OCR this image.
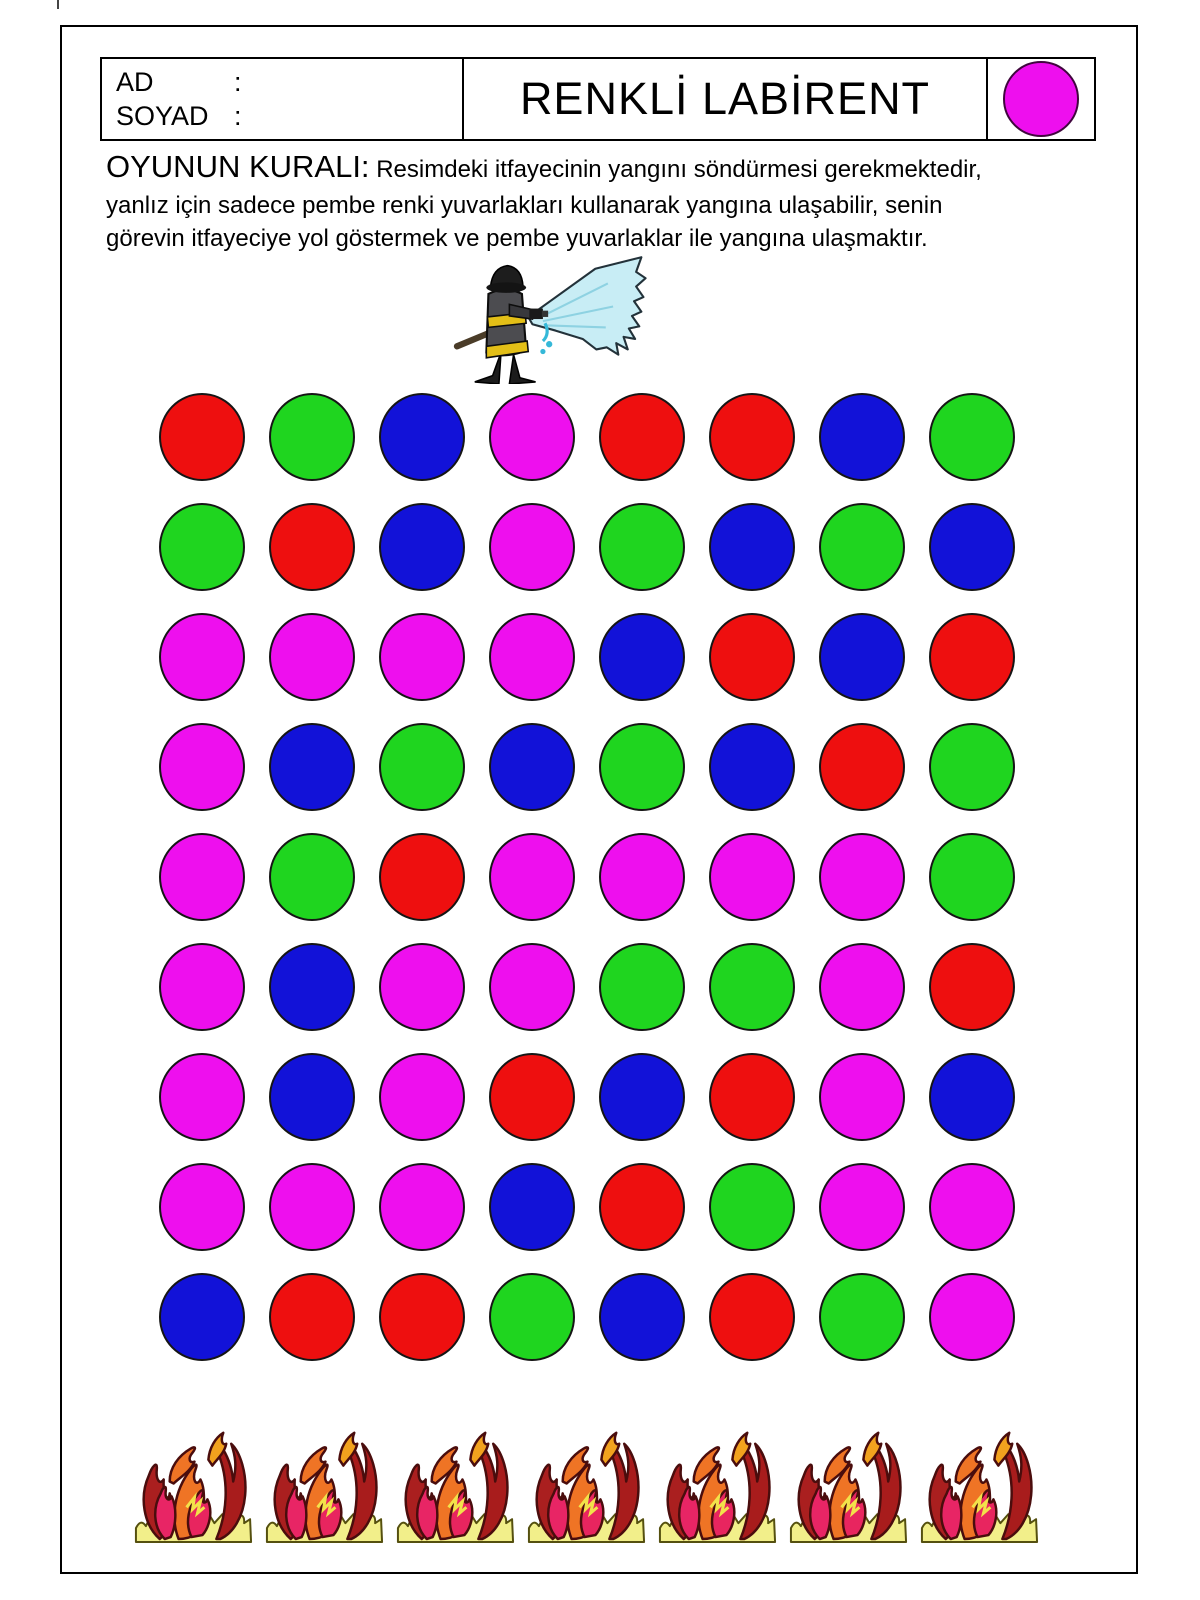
AD	:
SOYAD :	RENKLİ LABİRENT
OYUNUN KURALI: Resimdeki itfayecinin yangını söndürmesi gerekmektedir,
yanlız için sadece pembe renki yuvarlakları kullanarak yangına ulaşabilir, senin
görevin itfayeciye yol göstermek ve pembe yuvarlaklar ile yangına ulaşmaktır.
